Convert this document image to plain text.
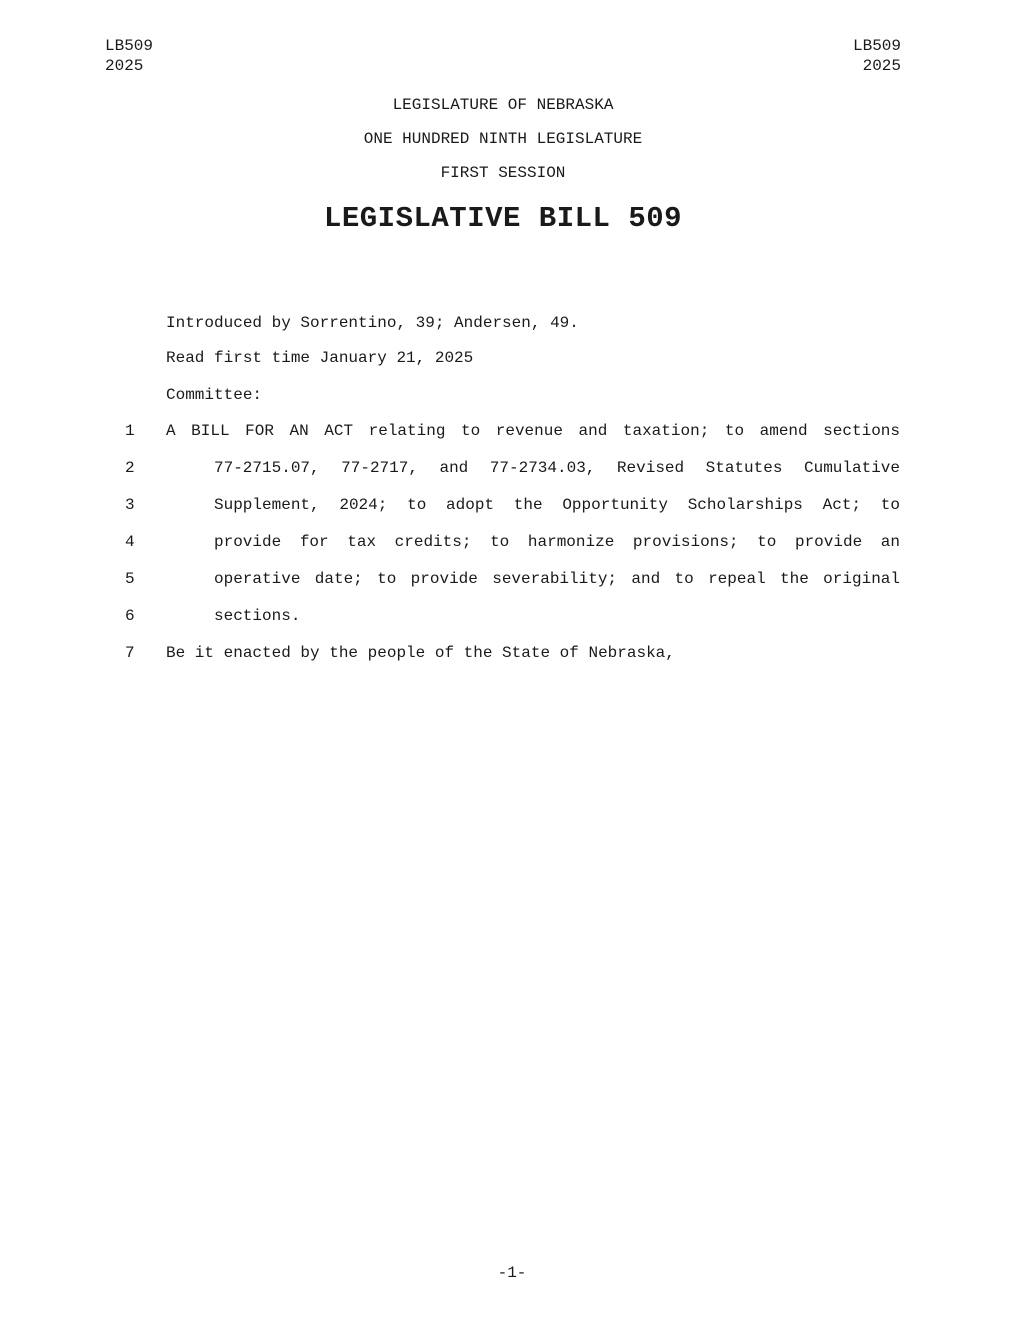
LB509
2025
LB509
2025
LEGISLATURE OF NEBRASKA
ONE HUNDRED NINTH LEGISLATURE
FIRST SESSION
LEGISLATIVE BILL 509
Introduced by Sorrentino, 39; Andersen, 49.
Read first time January 21, 2025
Committee:
1 A BILL FOR AN ACT relating to revenue and taxation; to amend sections
2	77-2715.07, 77-2717, and 77-2734.03, Revised Statutes Cumulative
3	Supplement, 2024; to adopt the Opportunity Scholarships Act; to
4	provide for tax credits; to harmonize provisions; to provide an
5	operative date; to provide severability; and to repeal the original
6	sections.
7 Be it enacted by the people of the State of Nebraska,
-1-
